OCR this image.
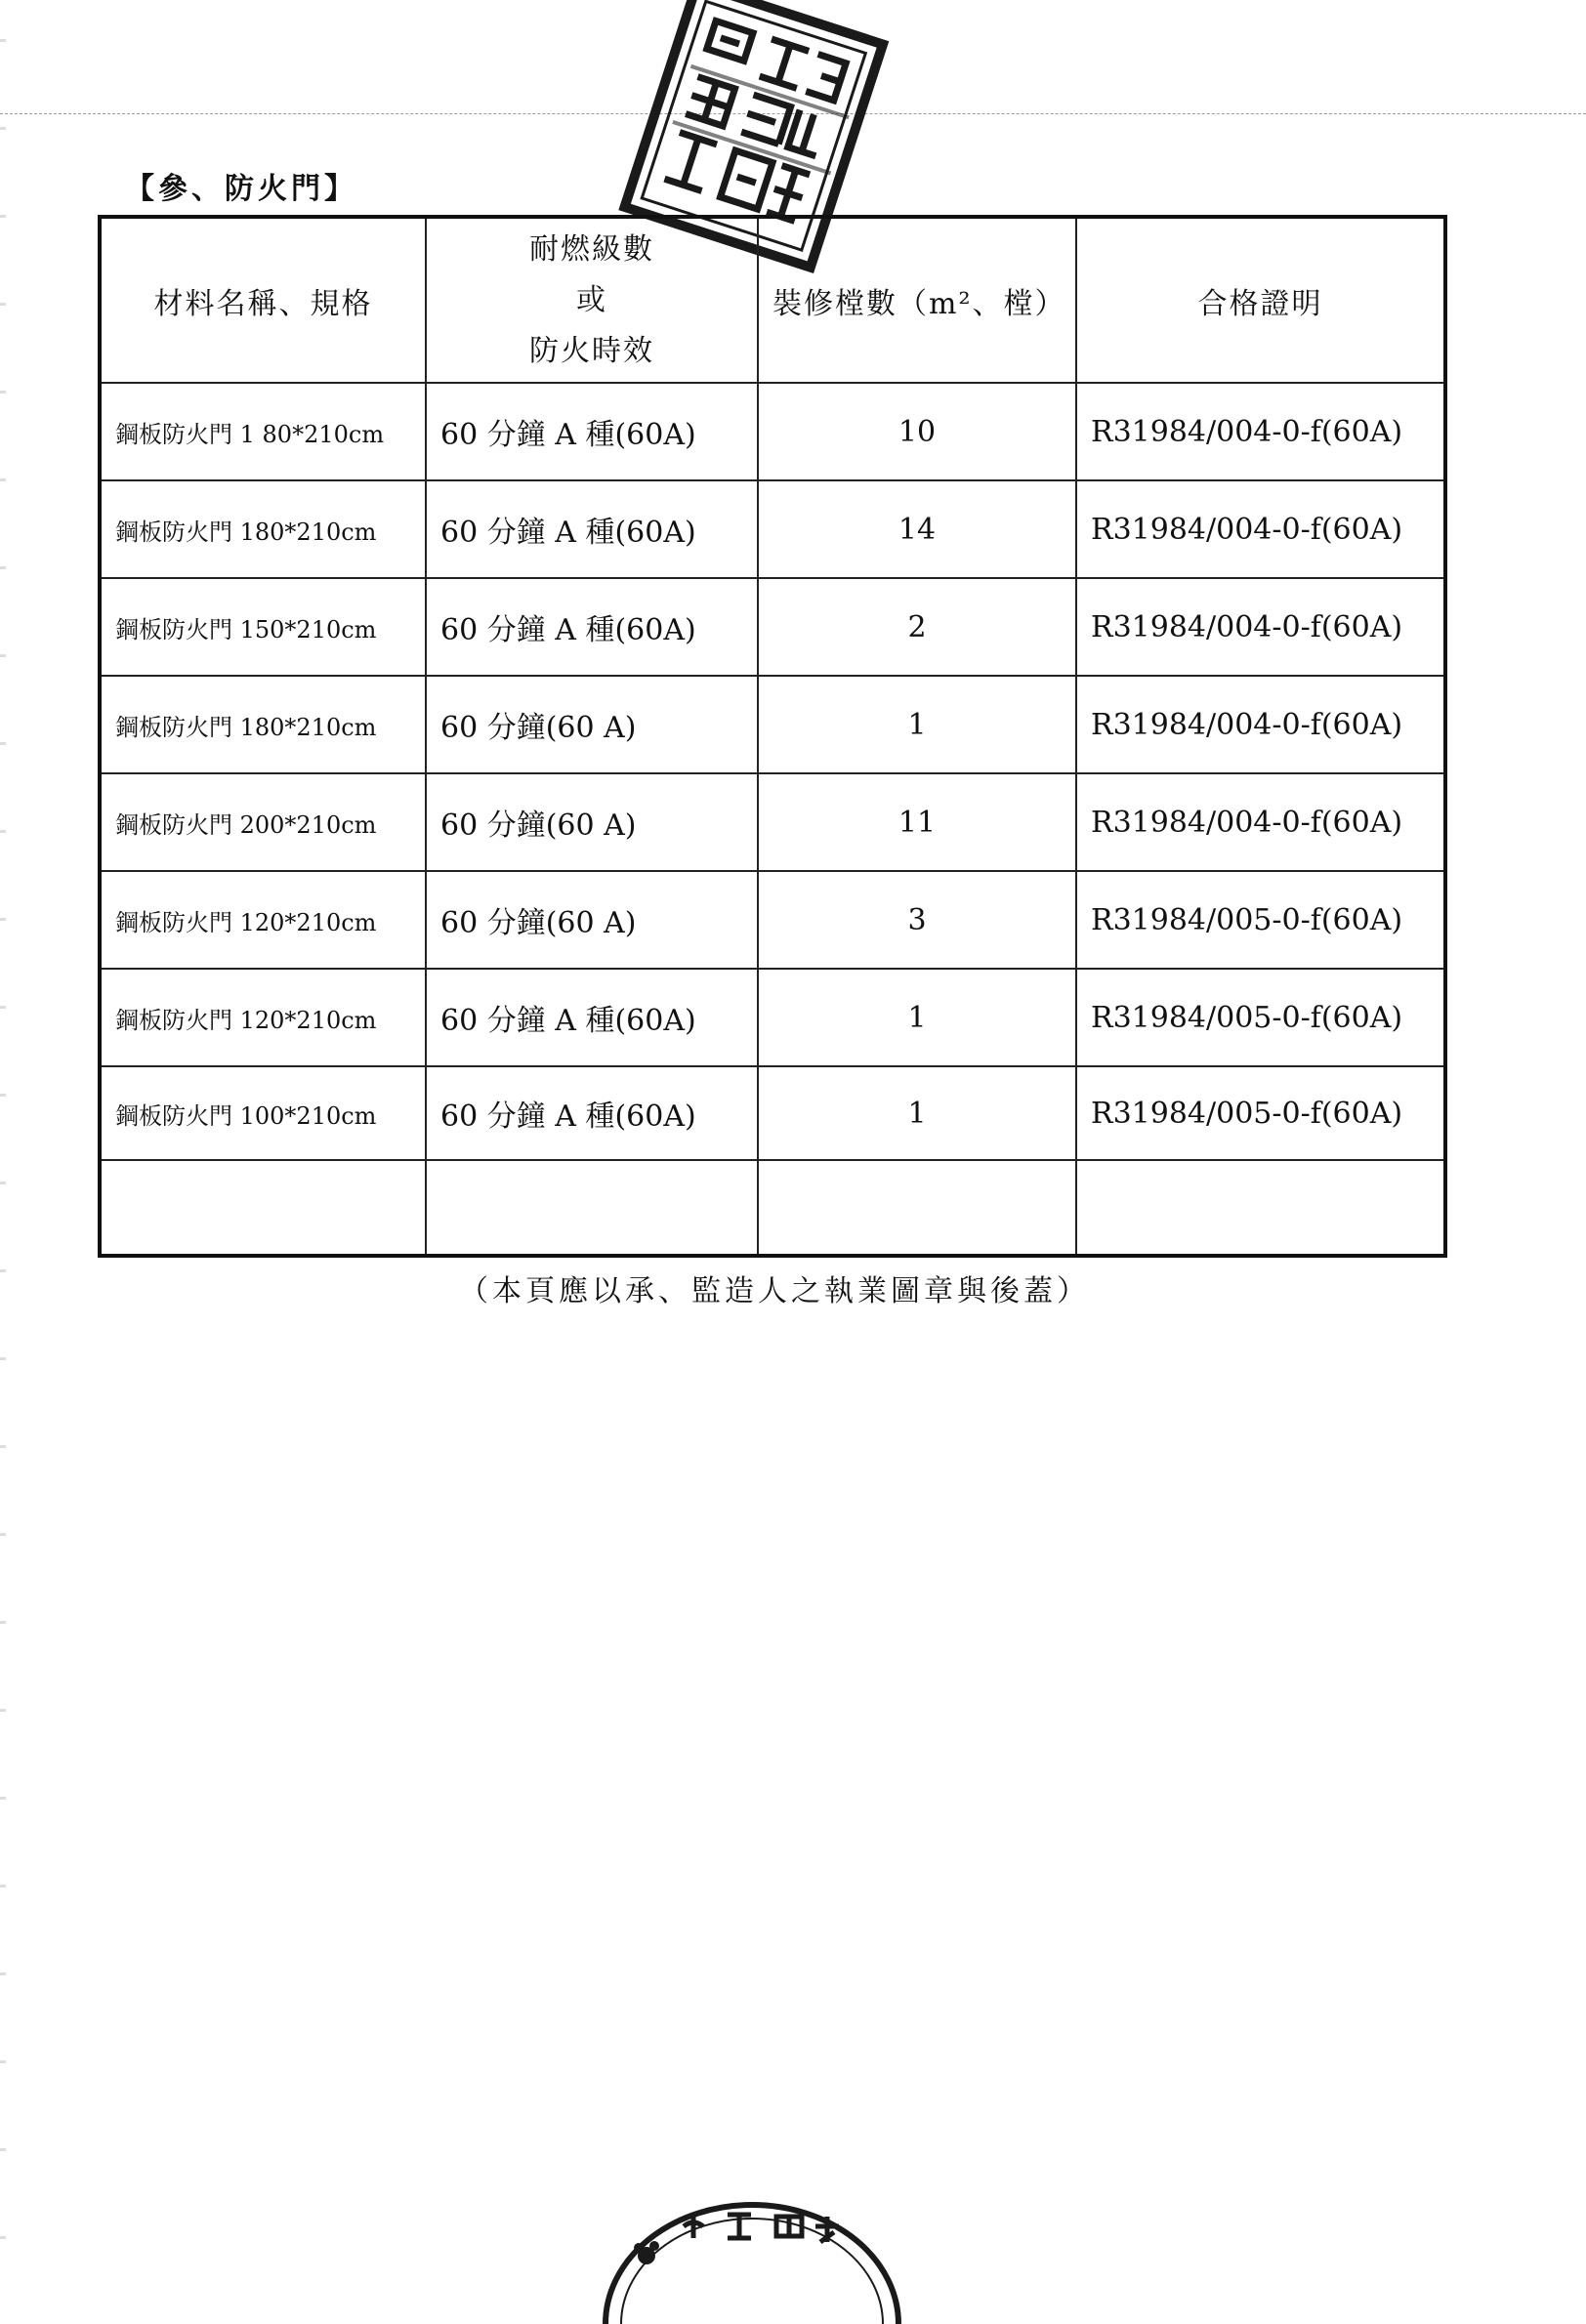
【參、防火門】
材料名稱、規格	耐燃級數
或
防火時效	裝修樘數（m²、樘）	合格證明
鋼板防火門 1 80*210cm	60 分鐘 A 種(60A)	10	R31984/004-0-f(60A)
鋼板防火門 180*210cm	60 分鐘 A 種(60A)	14	R31984/004-0-f(60A)
鋼板防火門 150*210cm	60 分鐘 A 種(60A)	2	R31984/004-0-f(60A)
鋼板防火門 180*210cm	60 分鐘(60 A)	1	R31984/004-0-f(60A)
鋼板防火門 200*210cm	60 分鐘(60 A)	11	R31984/004-0-f(60A)
鋼板防火門 120*210cm	60 分鐘(60 A)	3	R31984/005-0-f(60A)
鋼板防火門 120*210cm	60 分鐘 A 種(60A)	1	R31984/005-0-f(60A)
鋼板防火門 100*210cm	60 分鐘 A 種(60A)	1	R31984/005-0-f(60A)

（本頁應以承、監造人之執業圖章與後蓋）
